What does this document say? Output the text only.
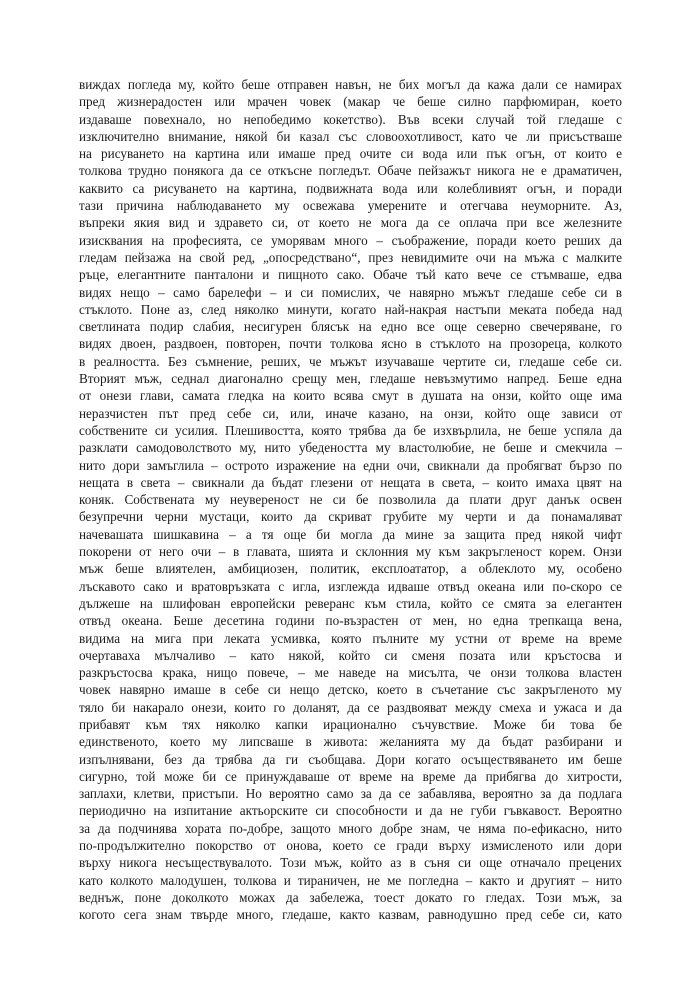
виждах погледа му, който беше отправен навън, не бих могъл да кажа дали се намирах
пред жизнерадостен или мрачен човек (макар че беше силно парфюмиран, което
издаваше повехнало, но непобедимо кокетство). Във всеки случай той гледаше с
изключително внимание, някой би казал със словоохотливост, като че ли присъстваше
на рисуването на картина или имаше пред очите си вода или пък огън, от които е
толкова трудно понякога да се откъсне погледът. Обаче пейзажът никога не е драматичен,
каквито са рисуването на картина, подвижната вода или колебливият огън, и поради
тази причина наблюдаването му освежава умерените и отегчава неуморните. Аз,
въпреки якия вид и здравето си, от което не мога да се оплача при все железните
изисквания на професията, се уморявам много – съображение, поради което реших да
гледам пейзажа на свой ред, „опосредствано“, през невидимите очи на мъжа с малките
ръце, елегантните панталони и пищното сако. Обаче тъй като вече се стъмваше, едва
видях нещо – само барелефи – и си помислих, че навярно мъжът гледаше себе си в
стъклото. Поне аз, след няколко минути, когато най-накрая настъпи меката победа над
светлината подир слабия, несигурен блясък на едно все още северно свечеряване, го
видях двоен, раздвоен, повторен, почти толкова ясно в стъклото на прозореца, колкото
в реалността. Без съмнение, реших, че мъжът изучаваше чертите си, гледаше себе си.
Вторият мъж, седнал диагонално срещу мен, гледаше невъзмутимо напред. Беше една
от онези глави, самата гледка на които всява смут в душата на онзи, който още има
неразчистен път пред себе си, или, иначе казано, на онзи, който още зависи от
собствените си усилия. Плешивостта, която трябва да бе изхвърлила, не беше успяла да
разклати самодоволството му, нито убедеността му властолюбие, не беше и смекчила –
нито дори замъглила – острото изражение на едни очи, свикнали да пробягват бързо по
нещата в света – свикнали да бъдат глезени от нещата в света, – които имаха цвят на
коняк. Собствената му неувереност не си бе позволила да плати друг данък освен
безупречни черни мустаци, които да скриват грубите му черти и да понамаляват
начевашата шишкавина – а тя още би могла да мине за защита пред някой чифт
покорени от него очи – в главата, шията и склонния му към закръгленост корем. Онзи
мъж беше влиятелен, амбициозен, политик, експлоататор, а облеклото му, особено
лъскавото сако и вратовръзката с игла, изглежда идваше отвъд океана или по-скоро се
дължеше на шлифован европейски реверанс към стила, който се смята за елегантен
отвъд океана. Беше десетина години по-възрастен от мен, но една трепкаща вена,
видима на мига при леката усмивка, която пълните му устни от време на време
очертаваха мълчаливо – като някой, който си сменя позата или кръстосва и
разкръстосва крака, нищо повече, – ме наведе на мисълта, че онзи толкова властен
човек навярно имаше в себе си нещо детско, което в съчетание със закръгленото му
тяло би накарало онези, които го доланят, да се раздвояват между смеха и ужаса и да
прибавят към тях няколко капки ирационално съчувствие. Може би това бе
единственото, което му липсваше в живота: желанията му да бъдат разбирани и
изпълнявани, без да трябва да ги съобщава. Дори когато осъществяването им беше
сигурно, той може би се принуждаваше от време на време да прибягва до хитрости,
заплахи, клетви, пристъпи. Но вероятно само за да се забавлява, вероятно за да подлага
периодично на изпитание актьорските си способности и да не губи гъвкавост. Вероятно
за да подчинява хората по-добре, защото много добре знам, че няма по-ефикасно, нито
по-продължително покорство от онова, което се гради върху измисленото или дори
върху никога несъществувалото. Този мъж, който аз в съня си още отначало прецених
като колкото малодушен, толкова и тираничен, не ме погледна – както и другият – нито
веднъж, поне доколкото можах да забележа, тоест докато го гледах. Този мъж, за
когото сега знам твърде много, гледаше, както казвам, равнодушно пред себе си, като
